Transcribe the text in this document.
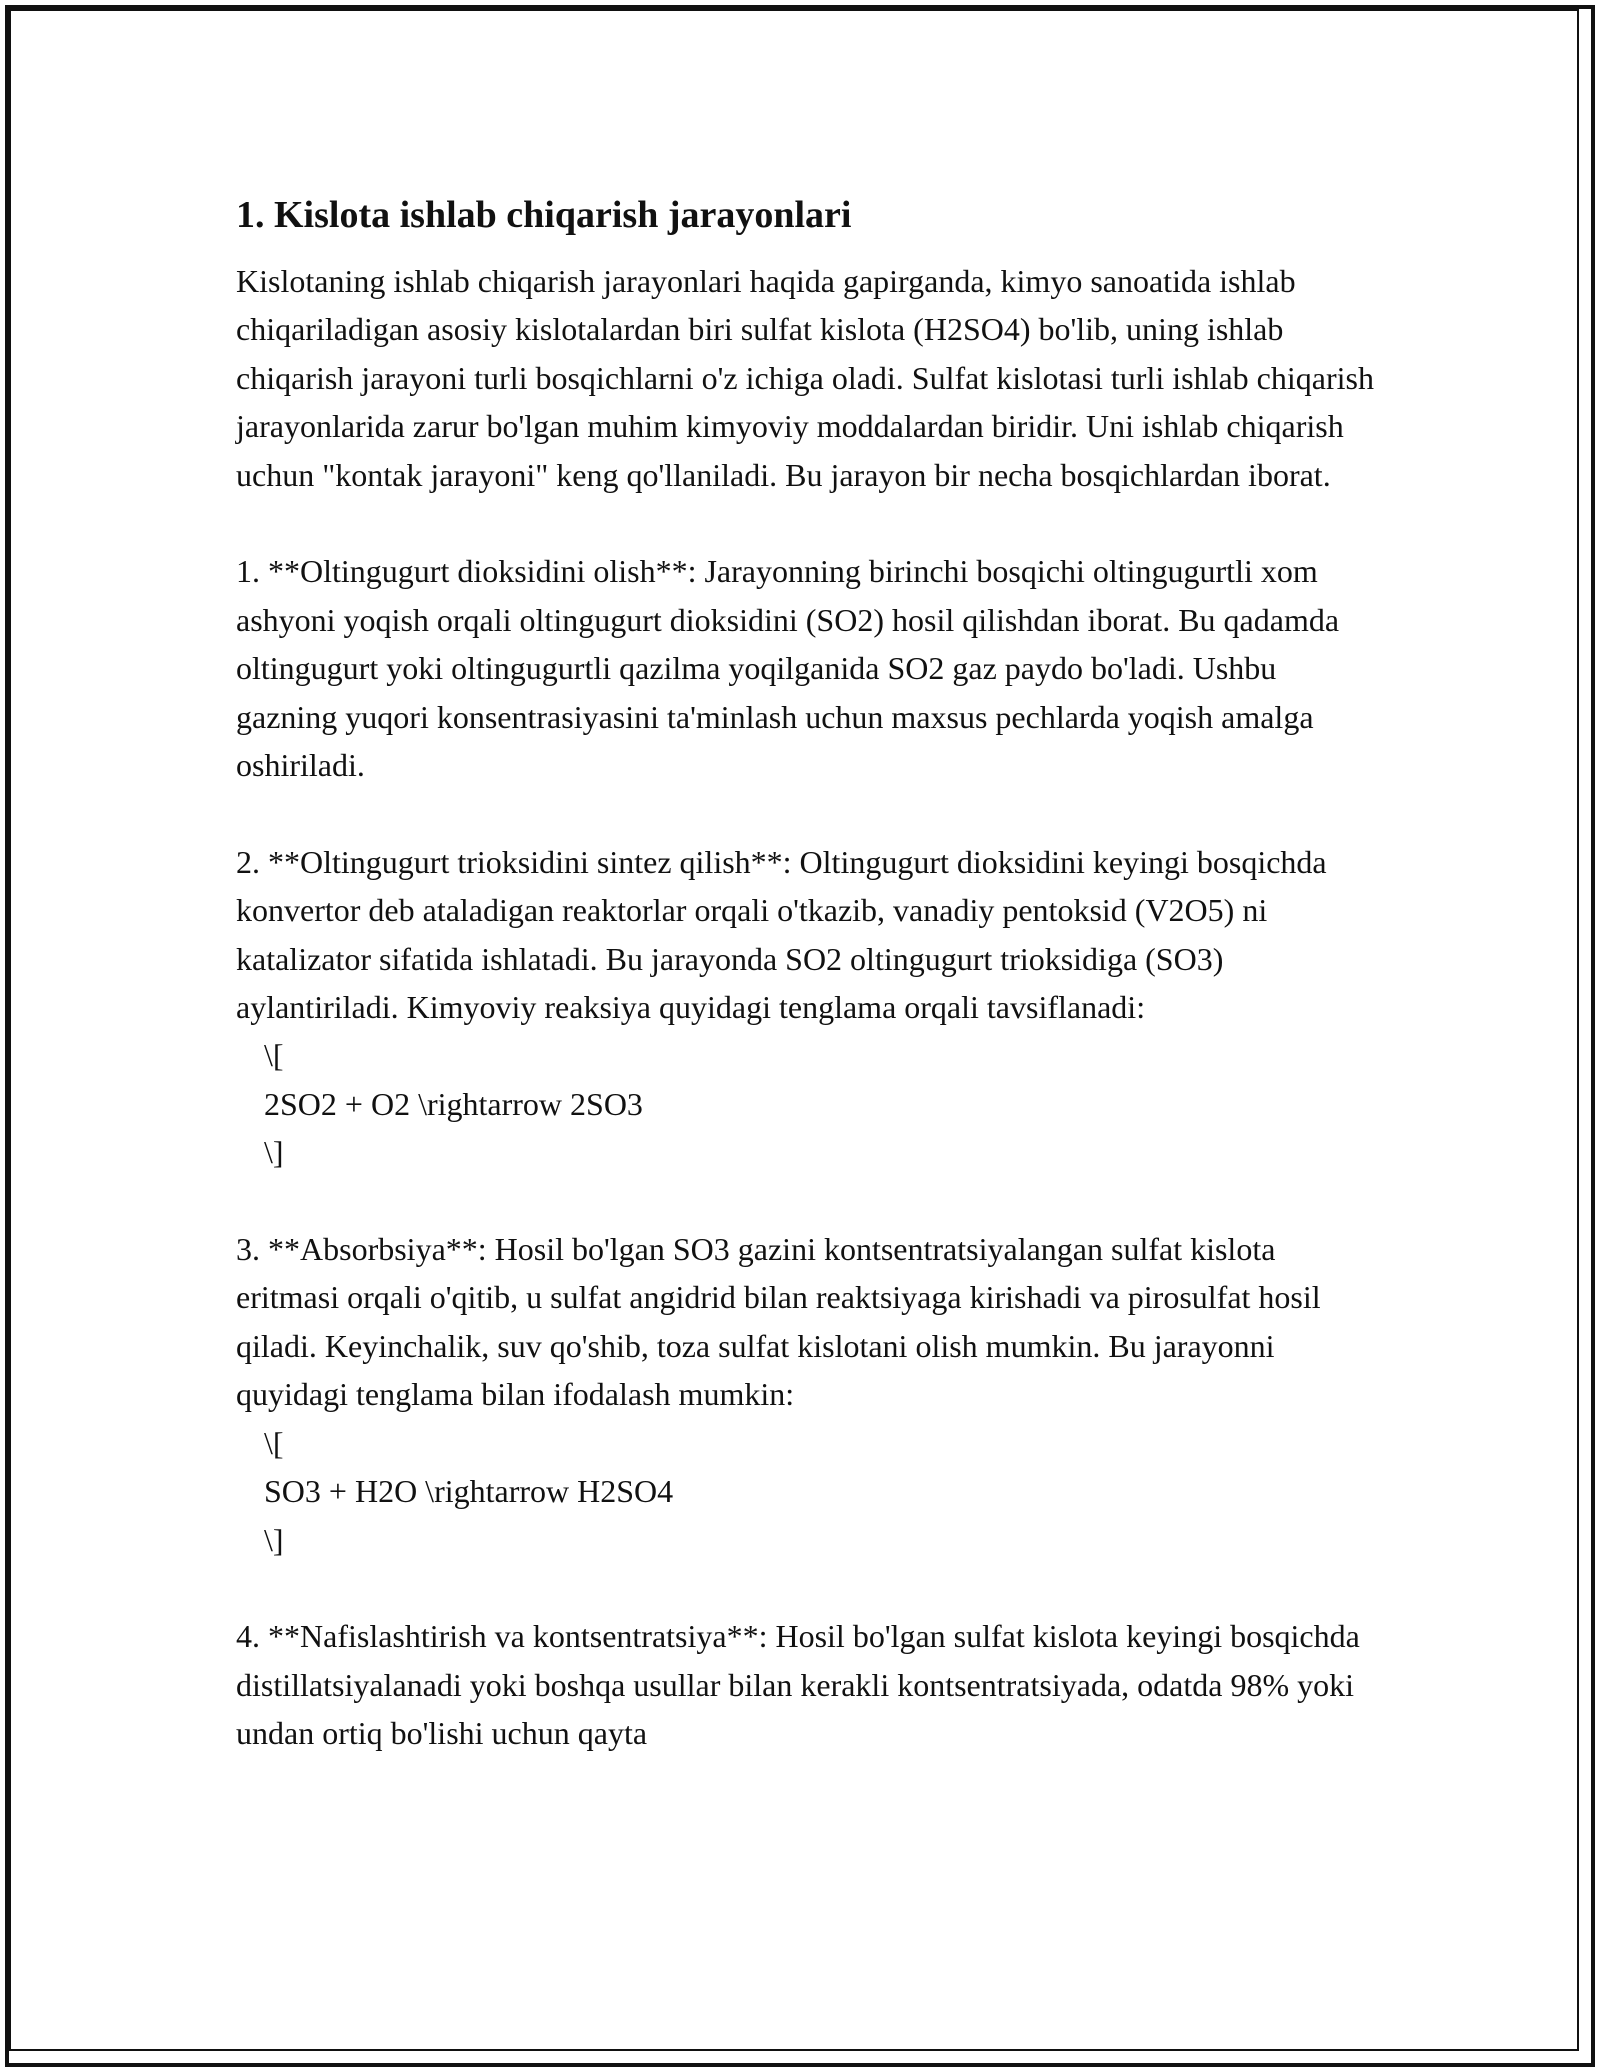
1. Kislota ishlab chiqarish jarayonlari

Kislotaning ishlab chiqarish jarayonlari haqida gapirganda, kimyo sanoatida ishlab chiqariladigan asosiy kislotalardan biri sulfat kislota (H2SO4) bo'lib, uning ishlab chiqarish jarayoni turli bosqichlarni o'z ichiga oladi. Sulfat kislotasi turli ishlab chiqarish jarayonlarida zarur bo'lgan muhim kimyoviy moddalardan biridir. Uni ishlab chiqarish uchun "kontak jarayoni" keng qo'llaniladi. Bu jarayon bir necha bosqichlardan iborat.

1. **Oltingugurt dioksidini olish**: Jarayonning birinchi bosqichi oltingugurtli xom ashyoni yoqish orqali oltingugurt dioksidini (SO2) hosil qilishdan iborat. Bu qadamda oltingugurt yoki oltingugurtli qazilma yoqilganida SO2 gaz paydo bo'ladi. Ushbu gazning yuqori konsentrasiyasini ta'minlash uchun maxsus pechlarda yoqish amalga oshiriladi.

2. **Oltingugurt trioksidini sintez qilish**: Oltingugurt dioksidini keyingi bosqichda konvertor deb ataladigan reaktorlar orqali o'tkazib, vanadiy pentoksid (V2O5) ni katalizator sifatida ishlatadi. Bu jarayonda SO2 oltingugurt trioksidiga (SO3) aylantiriladi. Kimyoviy reaksiya quyidagi tenglama orqali tavsiflanadi:

\[

2SO2 + O2 \rightarrow 2SO3

\]

3. **Absorbsiya**: Hosil bo'lgan SO3 gazini kontsentratsiyalangan sulfat kislota eritmasi orqali o'qitib, u sulfat angidrid bilan reaktsiyaga kirishadi va pirosulfat hosil qiladi. Keyinchalik, suv qo'shib, toza sulfat kislotani olish mumkin. Bu jarayonni quyidagi tenglama bilan ifodalash mumkin:

\[

SO3 + H2O \rightarrow H2SO4

\]

4. **Nafislashtirish va kontsentratsiya**: Hosil bo'lgan sulfat kislota keyingi bosqichda distillatsiyalanadi yoki boshqa usullar bilan kerakli kontsentratsiyada, odatda 98% yoki undan ortiq bo'lishi uchun qayta
